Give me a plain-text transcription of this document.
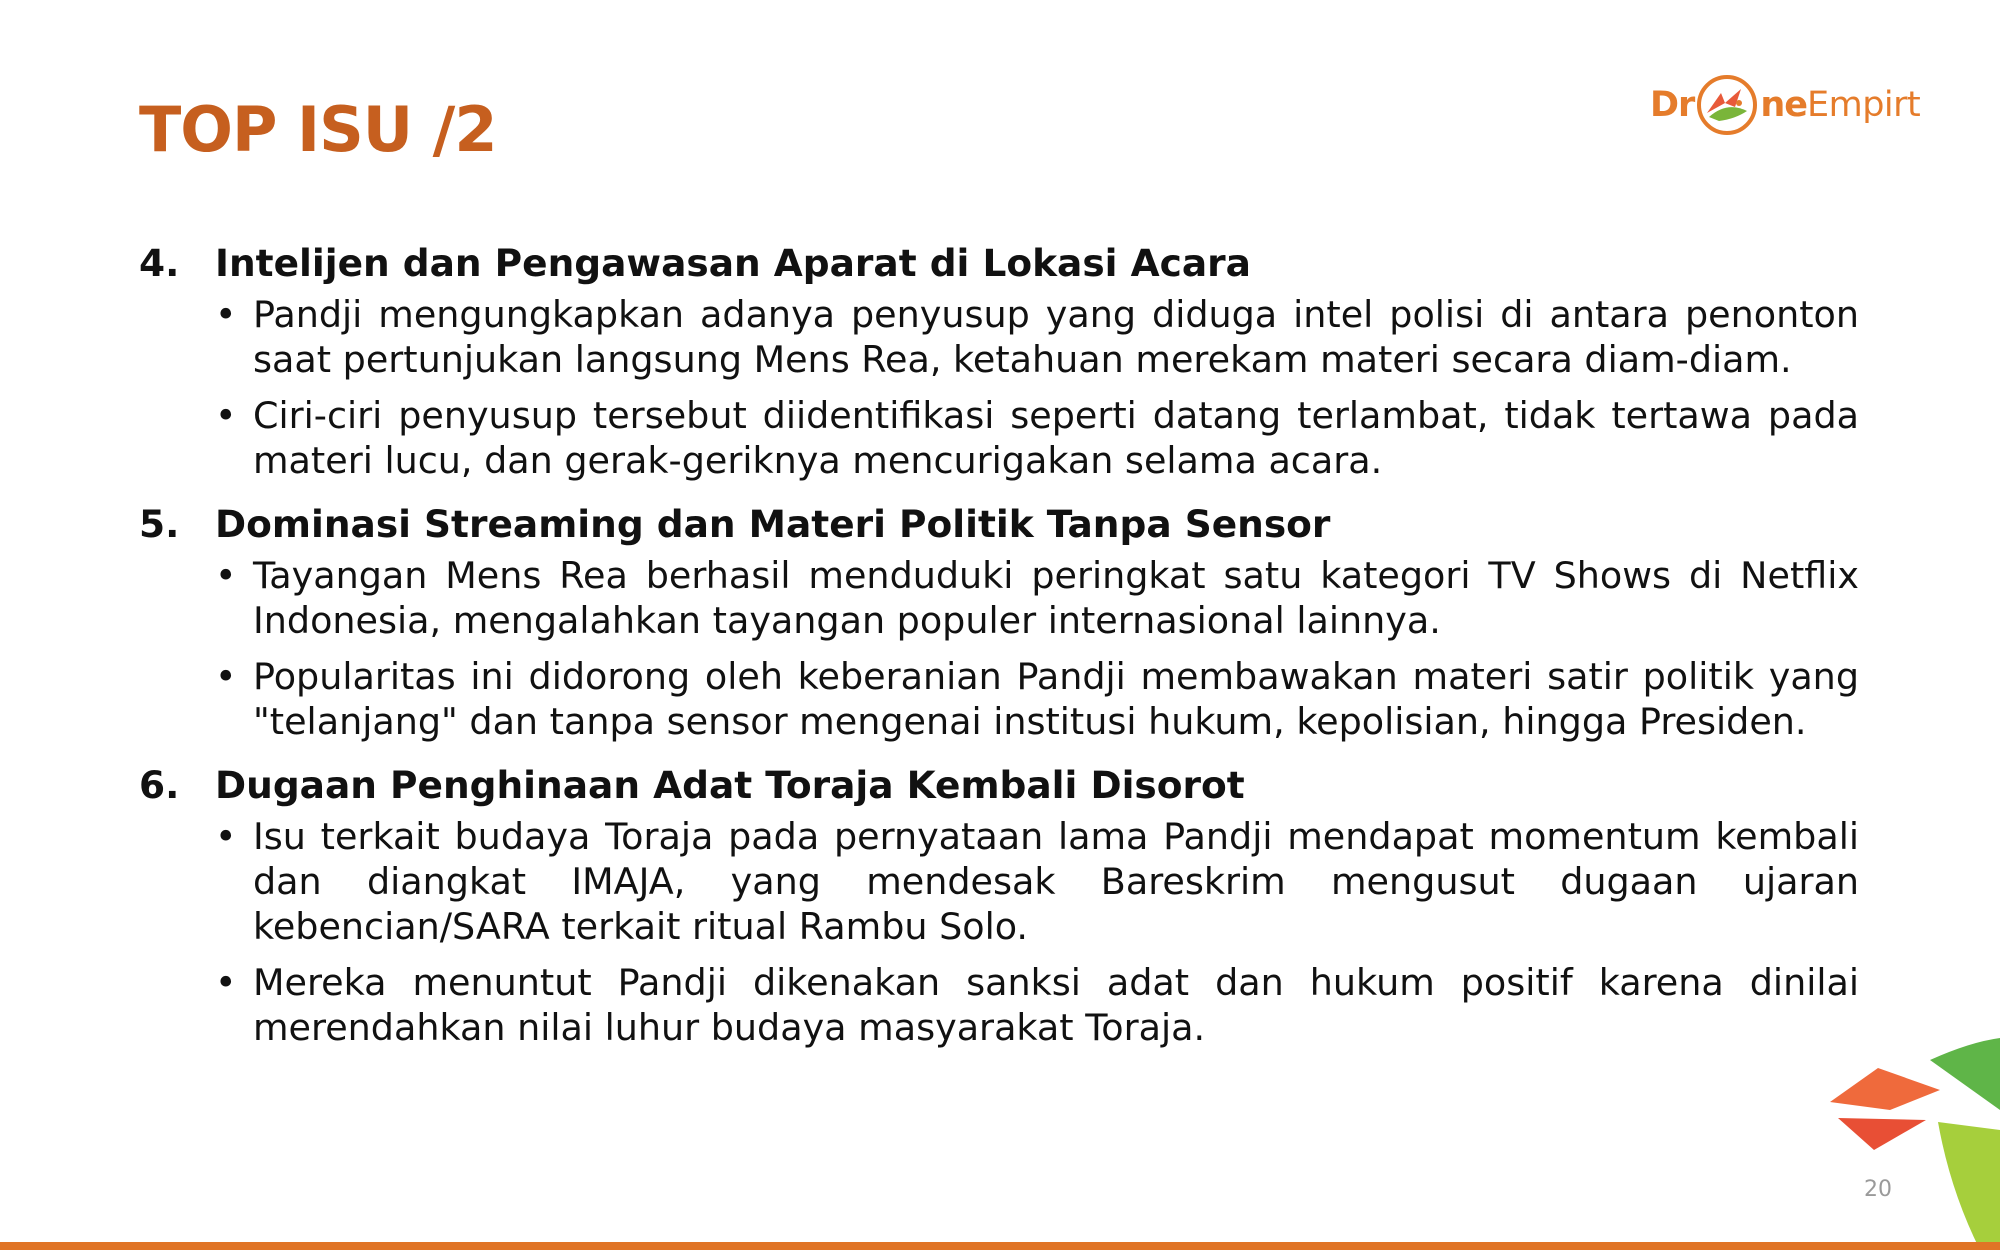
TOP ISU /2	Dr ne Empirt
4. Intelijen dan Pengawasan Aparat di Lokasi Acara
• Pandji mengungkapkan adanya penyusup yang diduga intel polisi di antara penonton saat pertunjukan langsung Mens Rea, ketahuan merekam materi secara diam-diam.
• Ciri-ciri penyusup tersebut diidentifikasi seperti datang terlambat, tidak tertawa pada materi lucu, dan gerak-geriknya mencurigakan selama acara.
5. Dominasi Streaming dan Materi Politik Tanpa Sensor
• Tayangan Mens Rea berhasil menduduki peringkat satu kategori TV Shows di Netflix Indonesia, mengalahkan tayangan populer internasional lainnya.
• Popularitas ini didorong oleh keberanian Pandji membawakan materi satir politik yang "telanjang" dan tanpa sensor mengenai institusi hukum, kepolisian, hingga Presiden.
6. Dugaan Penghinaan Adat Toraja Kembali Disorot
• Isu terkait budaya Toraja pada pernyataan lama Pandji mendapat momentum kembali dan diangkat IMAJA, yang mendesak Bareskrim mengusut dugaan ujaran kebencian/SARA terkait ritual Rambu Solo.
• Mereka menuntut Pandji dikenakan sanksi adat dan hukum positif karena dinilai merendahkan nilai luhur budaya masyarakat Toraja.
20
